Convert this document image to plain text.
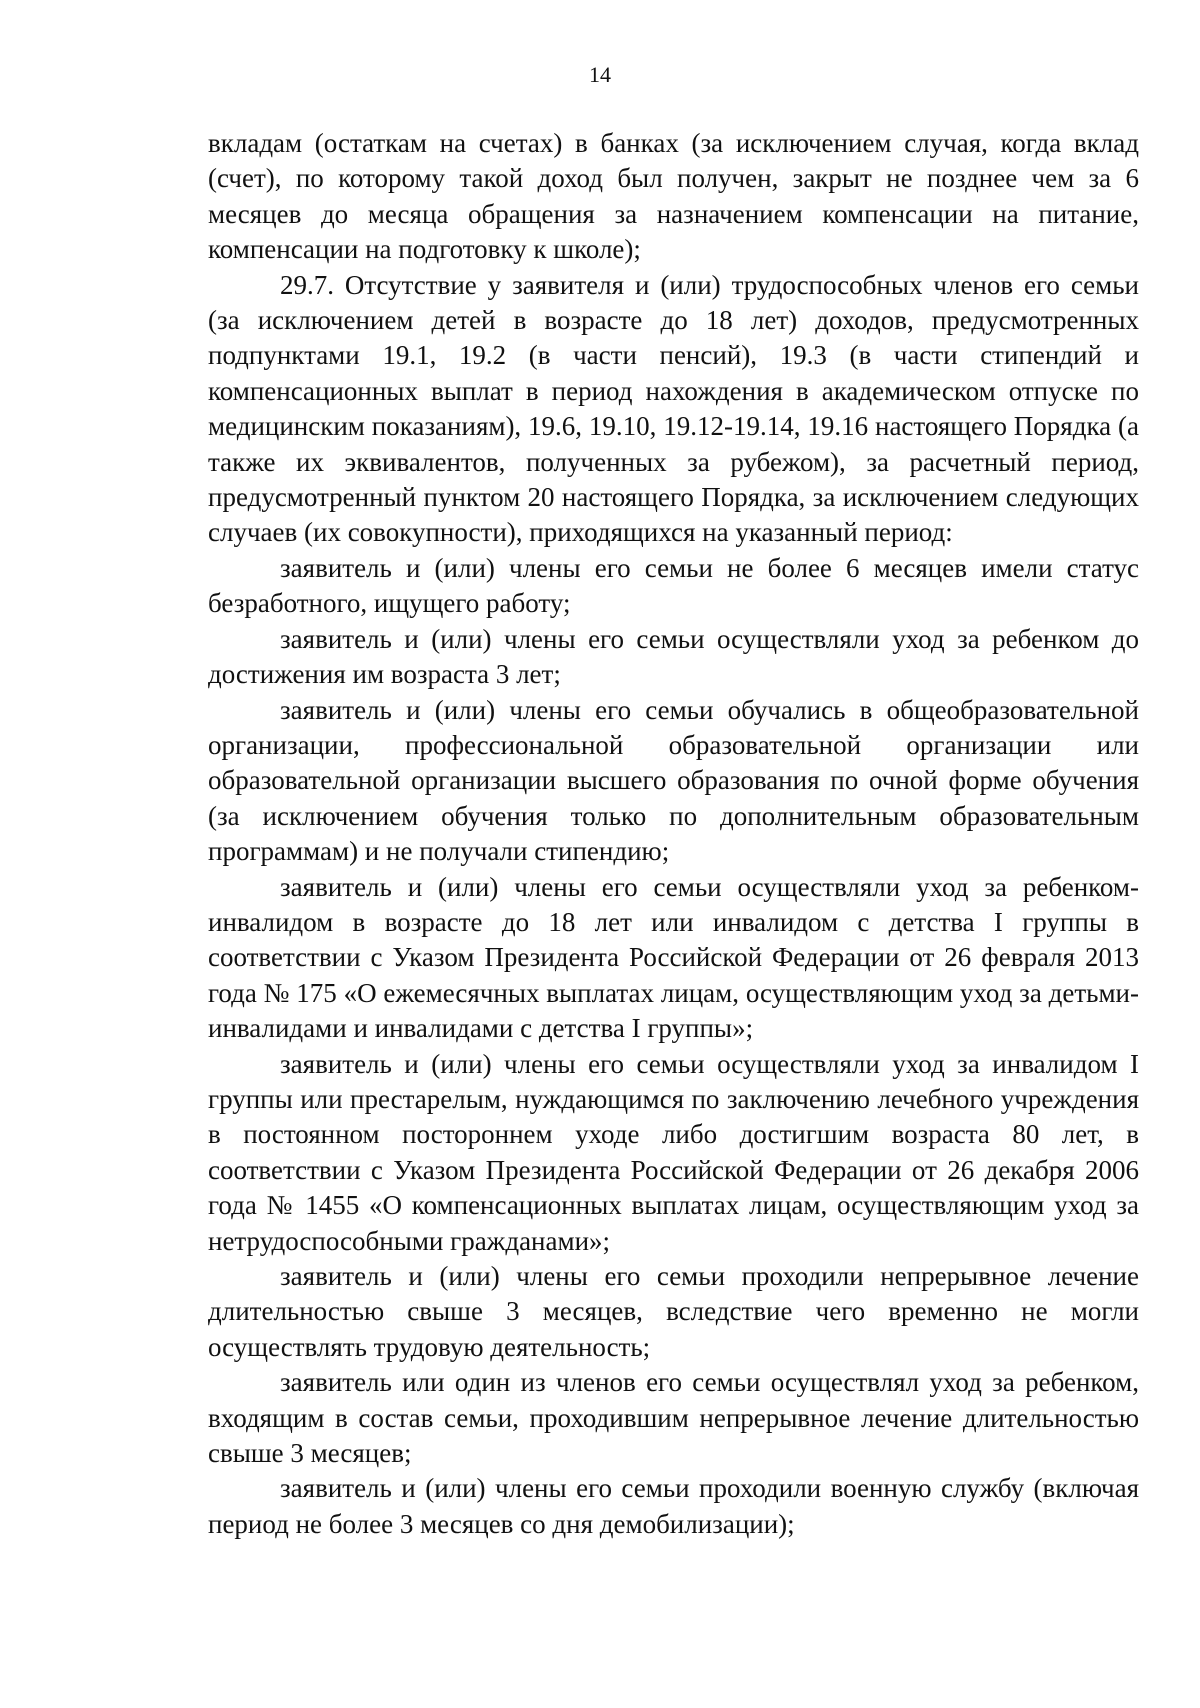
14

вкладам (остаткам на счетах) в банках (за исключением случая, когда вклад (счет), по которому такой доход был получен, закрыт не позднее чем за 6 месяцев до месяца обращения за назначением компенсации на питание, компенсации на подготовку к школе);

29.7. Отсутствие у заявителя и (или) трудоспособных членов его семьи (за исключением детей в возрасте до 18 лет) доходов, предусмотренных подпунктами 19.1, 19.2 (в части пенсий), 19.3 (в части стипендий и компенсационных выплат в период нахождения в академическом отпуске по медицинским показаниям), 19.6, 19.10, 19.12-19.14, 19.16 настоящего Порядка (а также их эквивалентов, полученных за рубежом), за расчетный период, предусмотренный пунктом 20 настоящего Порядка, за исключением следующих случаев (их совокупности), приходящихся на указанный период:

заявитель и (или) члены его семьи не более 6 месяцев имели статус безработного, ищущего работу;

заявитель и (или) члены его семьи осуществляли уход за ребенком до достижения им возраста 3 лет;

заявитель и (или) члены его семьи обучались в общеобразовательной организации, профессиональной образовательной организации или образовательной организации высшего образования по очной форме обучения (за исключением обучения только по дополнительным образовательным программам) и не получали стипендию;

заявитель и (или) члены его семьи осуществляли уход за ребенком-инвалидом в возрасте до 18 лет или инвалидом с детства I группы в соответствии с Указом Президента Российской Федерации от 26 февраля 2013 года № 175 «О ежемесячных выплатах лицам, осуществляющим уход за детьми-инвалидами и инвалидами с детства I группы»;

заявитель и (или) члены его семьи осуществляли уход за инвалидом I группы или престарелым, нуждающимся по заключению лечебного учреждения в постоянном постороннем уходе либо достигшим возраста 80 лет, в соответствии с Указом Президента Российской Федерации от 26 декабря 2006 года № 1455 «О компенсационных выплатах лицам, осуществляющим уход за нетрудоспособными гражданами»;

заявитель и (или) члены его семьи проходили непрерывное лечение длительностью свыше 3 месяцев, вследствие чего временно не могли осуществлять трудовую деятельность;

заявитель или один из членов его семьи осуществлял уход за ребенком, входящим в состав семьи, проходившим непрерывное лечение длительностью свыше 3 месяцев;

заявитель и (или) члены его семьи проходили военную службу (включая период не более 3 месяцев со дня демобилизации);
